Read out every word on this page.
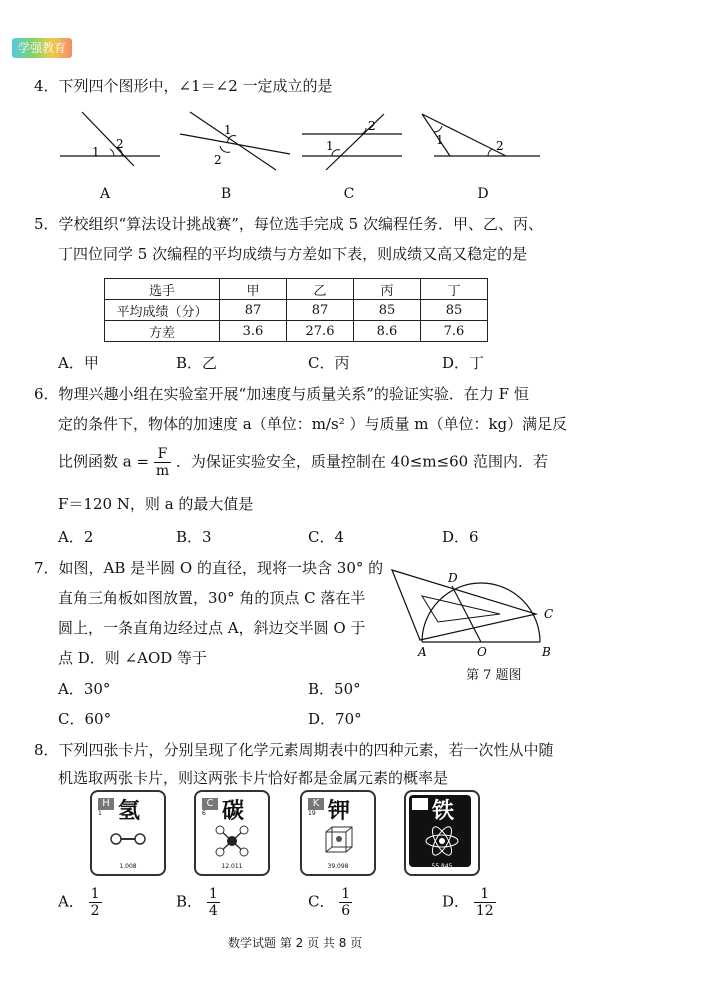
学强教育
4．下列四个图形中，∠1＝∠2 一定成立的是
1
2
1
2
2
1	1	2
A	B	C	D
5．学校组织“算法设计挑战赛”，每位选手完成 5 次编程任务．甲、乙、丙、
丁四位同学 5 次编程的平均成绩与方差如下表，则成绩又高又稳定的是
选手	甲	乙	丙	丁
平均成绩（分）	87	87	85	85
方差	3.6	27.6	8.6	7.6
A．甲	B．乙	C．丙	D．丁
6．物理兴趣小组在实验室开展“加速度与质量关系”的验证实验．在力 F 恒
定的条件下，物体的加速度 a（单位：m/s² ）与质量 m（单位：kg）满足反
比例函数 $a = \frac{F}{m}$ ．为保证实验安全，质量控制在 40≤m≤60 范围内．若
F＝120 N，则 a 的最大值是
A．2	B．3	C．4	D．6
7．如图，AB 是半圆 O 的直径，现将一块含 30° 的
直角三角板如图放置，30° 角的顶点 C 落在半
圆上，一条直角边经过点 A，斜边交半圆 O 于
点 D．则 ∠AOD 等于	A	O	B
C
D
第 7 题图
A．30°	B．50°
C．60°	D．70°
8．下列四张卡片，分别呈现了化学元素周期表中的四种元素，若一次性从中随
机选取两张卡片，则这两张卡片恰好都是金属元素的概率是
H
1 氢
1.008
C
6 碳
12.011
K
19 钾
39.098
铁
55.845
A． $\frac{1}{2}$	B． $\frac{1}{4}$	C． $\frac{1}{6}$	D． $\frac{1}{12}$
数学试题 第 2 页 共 8 页
